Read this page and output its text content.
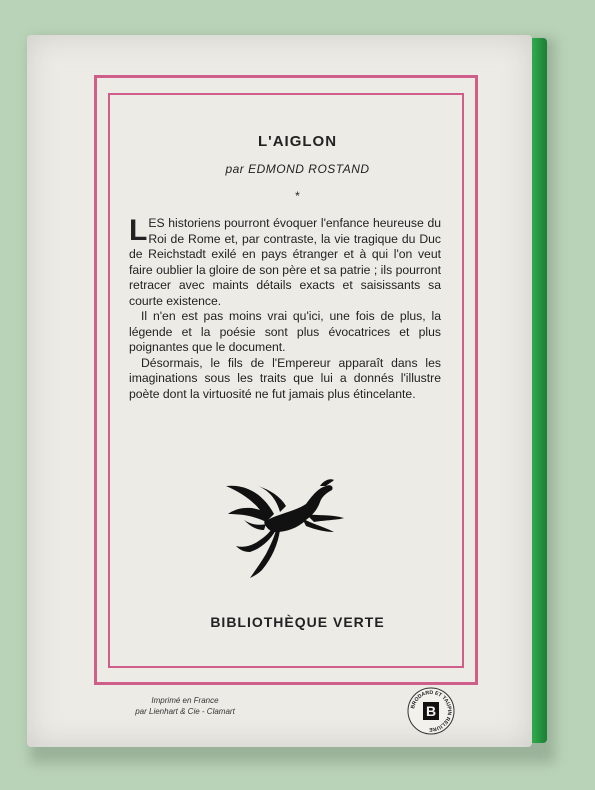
L'AIGLON
par EDMOND ROSTAND
*

LES historiens pourront évoquer l'enfance heureuse du Roi de Rome et, par contraste, la vie tragique du Duc de Reichstadt exilé en pays étranger et à qui l'on veut faire oublier la gloire de son père et sa patrie ; ils pourront retracer avec maints détails exacts et saisissants sa courte existence.

Il n'en est pas moins vrai qu'ici, une fois de plus, la légende et la poésie sont plus évocatrices et plus poignantes que le document.

Désormais, le fils de l'Empereur apparaît dans les imaginations sous les traits que lui a donnés l'illustre poète dont la virtuosité ne fut jamais plus étincelante.

BIBLIOTHÈQUE VERTE
Imprimé en France
par Lienhart & Cie - Clamart
BRODARD ET TAUPIN RELIURE
B
